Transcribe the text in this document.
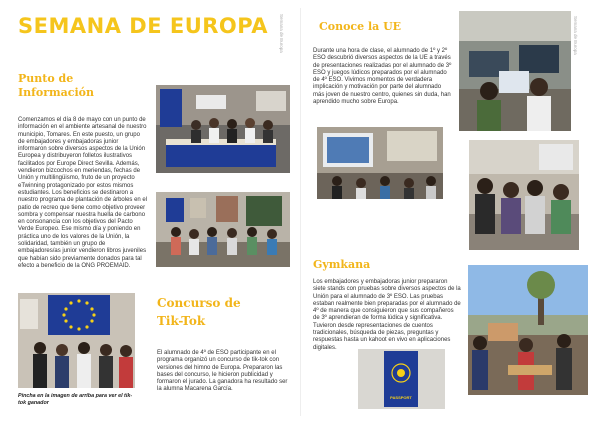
SEMANA DE EUROPA Semana de Europa	Semana de Europa
Punto de Información
Comenzamos el día 8 de mayo con un punto de información en el ambiente artesanal de nuestro municipio, Tomares. En este puesto, un grupo de embajadores y embajadoras junior informaron sobre diversos aspectos de la Unión Europea y distribuyeron folletos ilustrativos facilitados por Europe Direct Sevilla. Además, vendieron bizcochos en meriendas, fechas de Unión y multilingüismo, fruto de un proyecto eTwinning protagonizado por estos mismos estudiantes. Los beneficios se destinaron a nuestro programa de plantación de árboles en el patio de recreo que tiene como objetivo proveer sombra y compensar nuestra huella de carbono en consonancia con los objetivos del Pacto Verde Europeo. Ese mismo día y poniendo en práctica uno de los valores de la Unión, la solidaridad, también un grupo de embajadores/as junior vendieron libros juveniles que habían sido previamente donados para tal efecto a beneficio de la ONG PROEMAID.
Pincha en la imagen de arriba para ver el tik-tok ganador
Concurso de
Tik-Tok
El alumnado de 4º de ESO participante en el programa organizó un concurso de tik-tok con versiones del himno de Europa. Prepararon las bases del concurso, le hicieron publicidad y formaron el jurado. La ganadora ha resultado ser la alumna Macarena García.
Conoce la UE
Durante una hora de clase, el alumnado de 1º y 2º ESO descubrió diversos aspectos de la UE a través de presentaciones realizadas por el alumnado de 3º ESO y juegos lúdicos preparados por el alumnado de 4º ESO. Vivimos momentos de verdadera implicación y motivación por parte del alumnado más joven de nuestro centro, quienes sin duda, han aprendido mucho sobre Europa.
Gymkana
Los embajadores y embajadoras junior prepararon siete stands con pruebas sobre diversos aspectos de la Unión para el alumnado de 3º ESO. Las pruebas estaban realmente bien preparadas por el alumnado de 4º de manera que consiguieron que sus compañeros de 3º aprendieran de forma lúdica y significativa. Tuvieron desde representaciones de cuentos tradicionales, búsqueda de piezas, preguntas y respuestas hasta un kahoot en vivo en aplicaciones digitales.
PASSPORT
